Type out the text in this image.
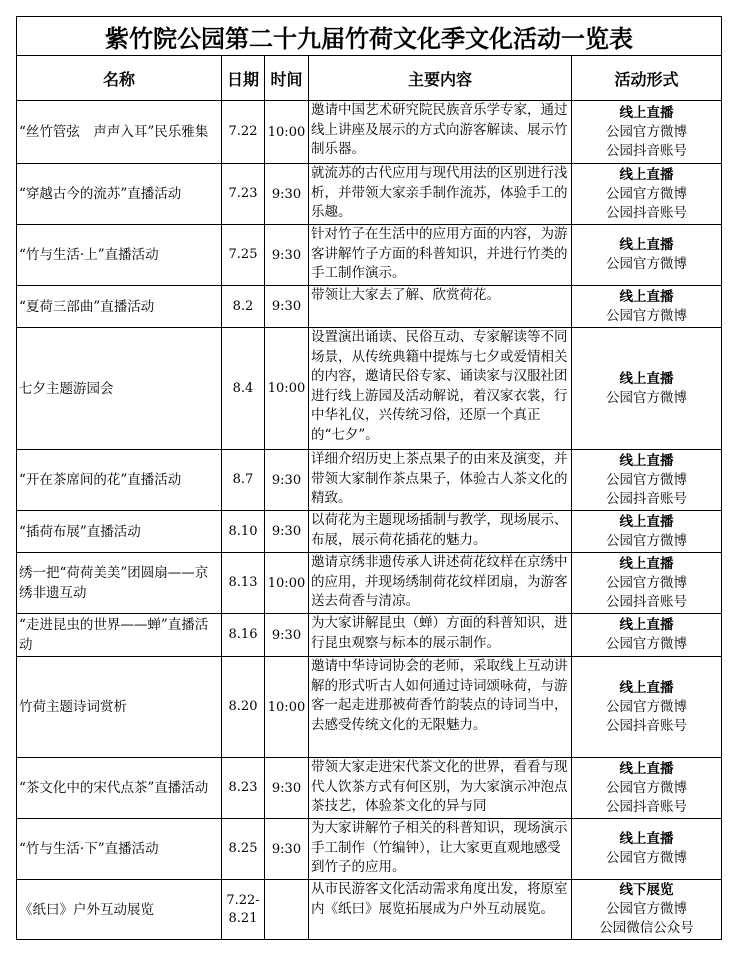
紫竹院公园第二十九届竹荷文化季文化活动一览表				
名称	日期	时间	主要内容	活动形式
“丝竹管弦　声声入耳”民乐雅集	7.22	10:00	邀请中国艺术研究院民族音乐学专家，通过线上讲座及展示的方式向游客解读、展示竹制乐器。	线上直播
公园官方微博
公园抖音账号

“穿越古今的流苏”直播活动	7.23	9:30	就流苏的古代应用与现代用法的区别进行浅析，并带领大家亲手制作流苏，体验手工的乐趣。	线上直播
公园官方微博
公园抖音账号

“竹与生活·上”直播活动	7.25	9:30	针对竹子在生活中的应用方面的内容，为游客讲解竹子方面的科普知识，并进行竹类的手工制作演示。	线上直播
公园官方微博

“夏荷三部曲”直播活动	8.2	9:30	带领让大家去了解、欣赏荷花。	线上直播
公园官方微博

七夕主题游园会	8.4	10:00	设置演出诵读、民俗互动、专家解读等不同场景，从传统典籍中提炼与七夕或爱情相关的内容，邀请民俗专家、诵读家与汉服社团进行线上游园及活动解说，着汉家衣裳，行中华礼仪，兴传统习俗，还原一个真正的“七夕”。	线上直播
公园官方微博

“开在茶席间的花”直播活动	8.7	9:30	详细介绍历史上茶点果子的由来及演变，并带领大家制作茶点果子，体验古人茶文化的精致。	线上直播
公园官方微博
公园抖音账号

“插荷布展”直播活动	8.10	9:30	以荷花为主题现场插制与教学，现场展示、布展，展示荷花插花的魅力。	线上直播
公园官方微博

绣一把“荷荷美美”团圆扇——京绣非遗互动	8.13	10:00	邀请京绣非遗传承人讲述荷花纹样在京绣中的应用，并现场绣制荷花纹样团扇，为游客送去荷香与清凉。	线上直播
公园官方微博
公园抖音账号

“走进昆虫的世界——蝉”直播活动	8.16	9:30	为大家讲解昆虫（蝉）方面的科普知识，进行昆虫观察与标本的展示制作。	线上直播
公园官方微博

竹荷主题诗词赏析	8.20	10:00	邀请中华诗词协会的老师，采取线上互动讲解的形式听古人如何通过诗词颂咏荷，与游客一起走进那被荷香竹韵装点的诗词当中，去感受传统文化的无限魅力。	线上直播
公园官方微博
公园抖音账号

“茶文化中的宋代点茶”直播活动	8.23	9:30	带领大家走进宋代茶文化的世界，看看与现代人饮茶方式有何区别，为大家演示冲泡点茶技艺，体验茶文化的异与同	线上直播
公园官方微博
公园抖音账号

“竹与生活·下”直播活动	8.25	9:30	为大家讲解竹子相关的科普知识，现场演示手工制作（竹编钟），让大家更直观地感受到竹子的应用。	线上直播
公园官方微博

《纸曰》户外互动展览	7.22-8.21		从市民游客文化活动需求角度出发，将原室内《纸曰》展览拓展成为户外互动展览。	线下展览
公园官方微博
公园微信公众号
